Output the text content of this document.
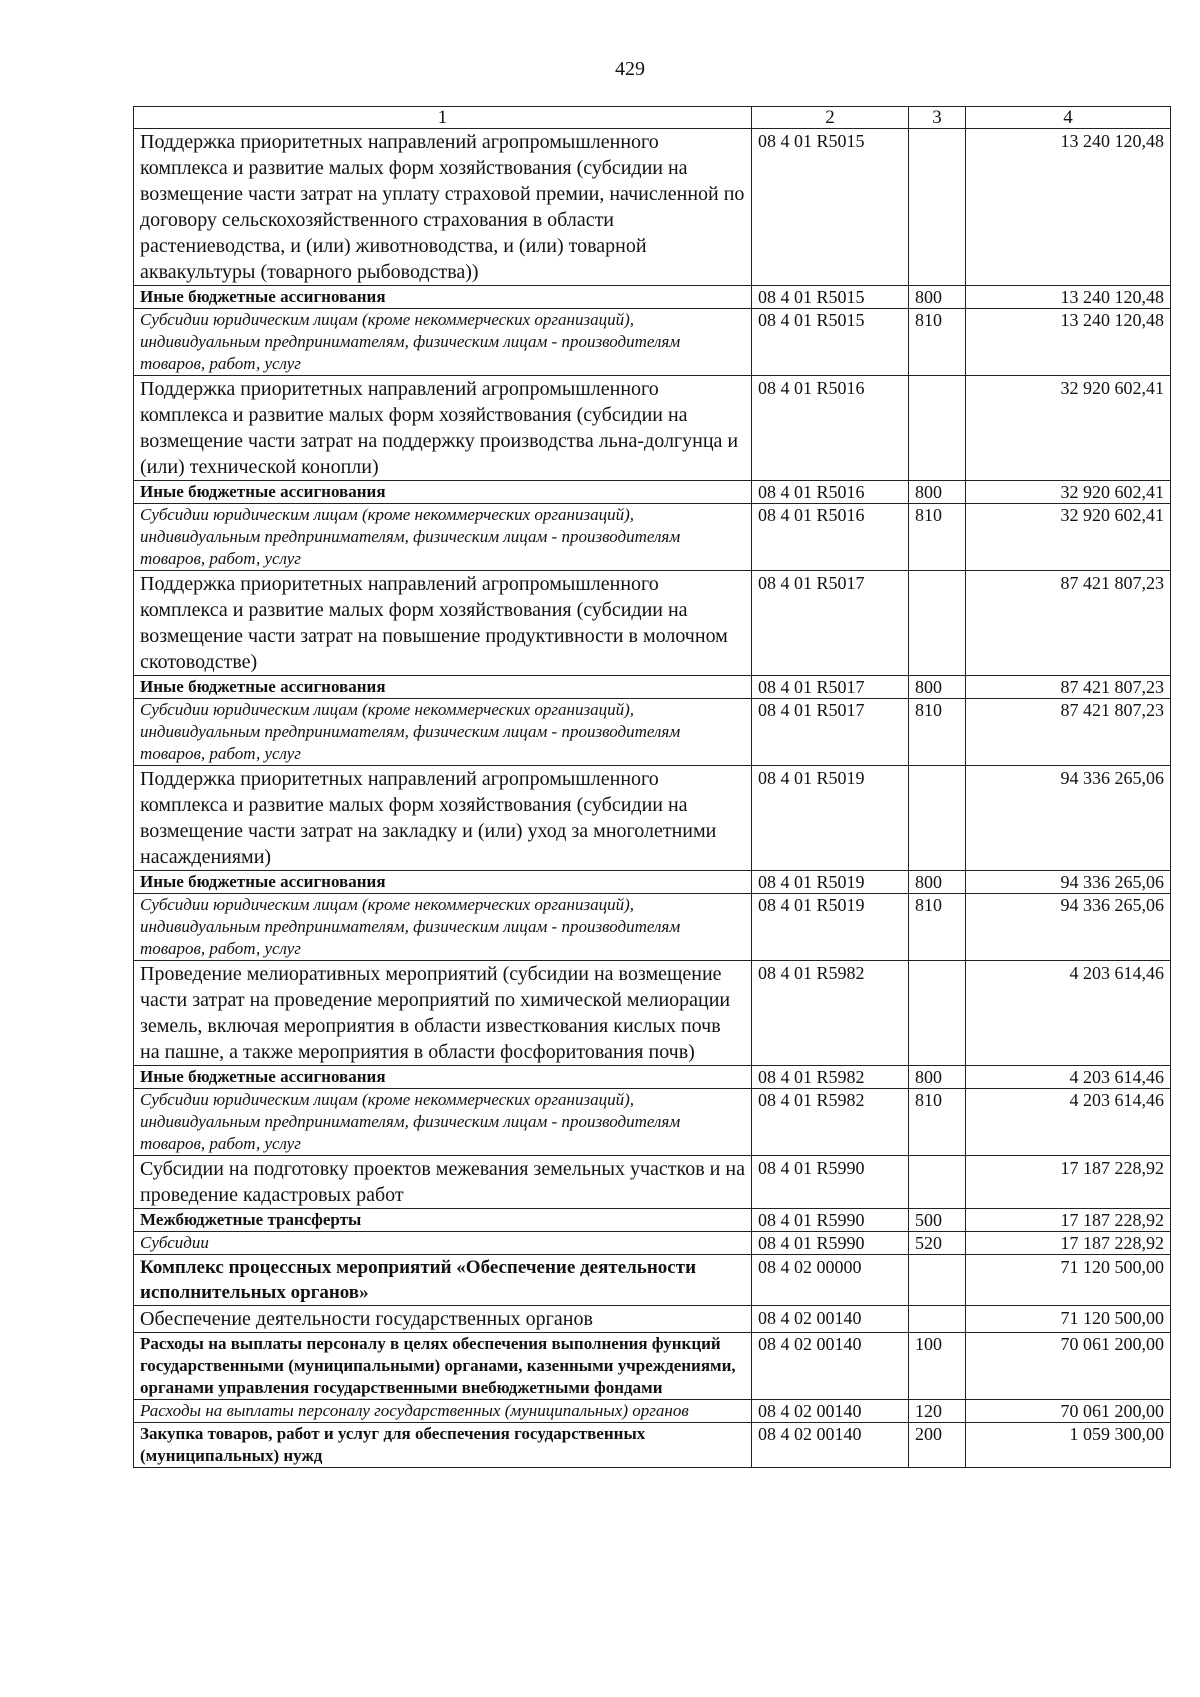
429
1	2	3	4
Поддержка приоритетных направлений агропромышленного комплекса и развитие малых форм хозяйствования (субсидии на возмещение части затрат на уплату страховой премии, начисленной по договору сельскохозяйственного страхования в области растениеводства, и (или) животноводства, и (или) товарной аквакультуры (товарного рыбоводства))	08 4 01 R5015		13 240 120,48
Иные бюджетные ассигнования	08 4 01 R5015	800	13 240 120,48
Субсидии юридическим лицам (кроме некоммерческих организаций), индивидуальным предпринимателям, физическим лицам - производителям товаров, работ, услуг	08 4 01 R5015	810	13 240 120,48
Поддержка приоритетных направлений агропромышленного комплекса и развитие малых форм хозяйствования (субсидии на возмещение части затрат на поддержку производства льна-долгунца и (или) технической конопли)	08 4 01 R5016		32 920 602,41
Иные бюджетные ассигнования	08 4 01 R5016	800	32 920 602,41
Субсидии юридическим лицам (кроме некоммерческих организаций), индивидуальным предпринимателям, физическим лицам - производителям товаров, работ, услуг	08 4 01 R5016	810	32 920 602,41
Поддержка приоритетных направлений агропромышленного комплекса и развитие малых форм хозяйствования (субсидии на возмещение части затрат на повышение продуктивности в молочном скотоводстве)	08 4 01 R5017		87 421 807,23
Иные бюджетные ассигнования	08 4 01 R5017	800	87 421 807,23
Субсидии юридическим лицам (кроме некоммерческих организаций), индивидуальным предпринимателям, физическим лицам - производителям товаров, работ, услуг	08 4 01 R5017	810	87 421 807,23
Поддержка приоритетных направлений агропромышленного комплекса и развитие малых форм хозяйствования (субсидии на возмещение части затрат на закладку и (или) уход за многолетними насаждениями)	08 4 01 R5019		94 336 265,06
Иные бюджетные ассигнования	08 4 01 R5019	800	94 336 265,06
Субсидии юридическим лицам (кроме некоммерческих организаций), индивидуальным предпринимателям, физическим лицам - производителям товаров, работ, услуг	08 4 01 R5019	810	94 336 265,06
Проведение мелиоративных мероприятий (субсидии на возмещение части затрат на проведение мероприятий по химической мелиорации земель, включая мероприятия в области известкования кислых почв на пашне, а также мероприятия в области фосфоритования почв)	08 4 01 R5982		4 203 614,46
Иные бюджетные ассигнования	08 4 01 R5982	800	4 203 614,46
Субсидии юридическим лицам (кроме некоммерческих организаций), индивидуальным предпринимателям, физическим лицам - производителям товаров, работ, услуг	08 4 01 R5982	810	4 203 614,46
Субсидии на подготовку проектов межевания земельных участков и на проведение кадастровых работ	08 4 01 R5990		17 187 228,92
Межбюджетные трансферты	08 4 01 R5990	500	17 187 228,92
Субсидии	08 4 01 R5990	520	17 187 228,92
Комплекс процессных мероприятий «Обеспечение деятельности исполнительных органов»	08 4 02 00000		71 120 500,00
Обеспечение деятельности государственных органов	08 4 02 00140		71 120 500,00
Расходы на выплаты персоналу в целях обеспечения выполнения функций государственными (муниципальными) органами, казенными учреждениями, органами управления государственными внебюджетными фондами	08 4 02 00140	100	70 061 200,00
Расходы на выплаты персоналу государственных (муниципальных) органов	08 4 02 00140	120	70 061 200,00
Закупка товаров, работ и услуг для обеспечения государственных (муниципальных) нужд	08 4 02 00140	200	1 059 300,00
